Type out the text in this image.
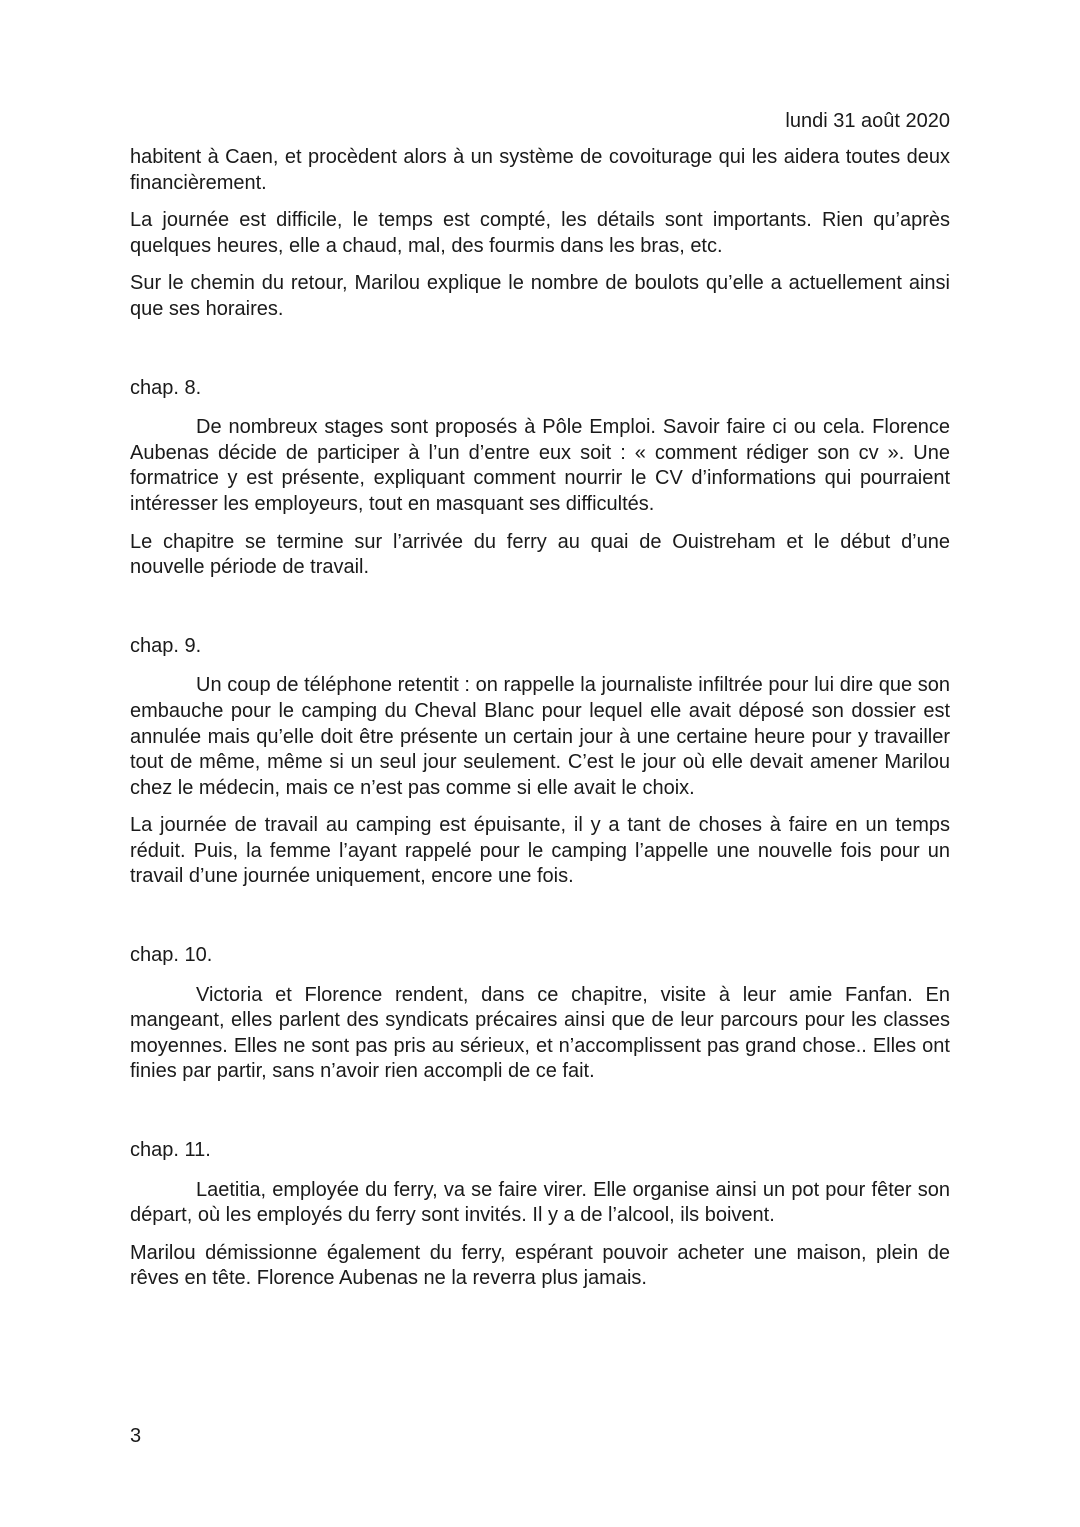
lundi 31 août 2020

habitent à Caen, et procèdent alors à un système de covoiturage qui les aidera toutes deux financièrement.

La journée est difficile, le temps est compté, les détails sont importants. Rien qu’après quelques heures, elle a chaud, mal, des fourmis dans les bras, etc.

Sur le chemin du retour, Marilou explique le nombre de boulots qu’elle a actuellement ainsi que ses horaires.

chap. 8.

De nombreux stages sont proposés à Pôle Emploi. Savoir faire ci ou cela. Florence Aubenas décide de participer à l’un d’entre eux soit : « comment rédiger son cv ». Une formatrice y est présente, expliquant comment nourrir le CV d’informations qui pourraient intéresser les employeurs, tout en masquant ses difficultés.

Le chapitre se termine sur l’arrivée du ferry au quai de Ouistreham et le début d’une nouvelle période de travail.

chap. 9.

Un coup de téléphone retentit : on rappelle la journaliste infiltrée pour lui dire que son embauche pour le camping du Cheval Blanc pour lequel elle avait déposé son dossier est annulée mais qu’elle doit être présente un certain jour à une certaine heure pour y travailler tout de même, même si un seul jour seulement. C’est le jour où elle devait amener Marilou chez le médecin, mais ce n’est pas comme si elle avait le choix.

La journée de travail au camping est épuisante, il y a tant de choses à faire en un temps réduit. Puis, la femme l’ayant rappelé pour le camping l’appelle une nouvelle fois pour un travail d’une journée uniquement, encore une fois.

chap. 10.

Victoria et Florence rendent, dans ce chapitre, visite à leur amie Fanfan. En mangeant, elles parlent des syndicats précaires ainsi que de leur parcours pour les classes moyennes. Elles ne sont pas pris au sérieux, et n’accomplissent pas grand chose.. Elles ont finies par partir, sans n’avoir rien accompli de ce fait.

chap. 11.

Laetitia, employée du ferry, va se faire virer. Elle organise ainsi un pot pour fêter son départ, où les employés du ferry sont invités. Il y a de l’alcool, ils boivent.

Marilou démissionne également du ferry, espérant pouvoir acheter une maison, plein de rêves en tête. Florence Aubenas ne la reverra plus jamais.

3
